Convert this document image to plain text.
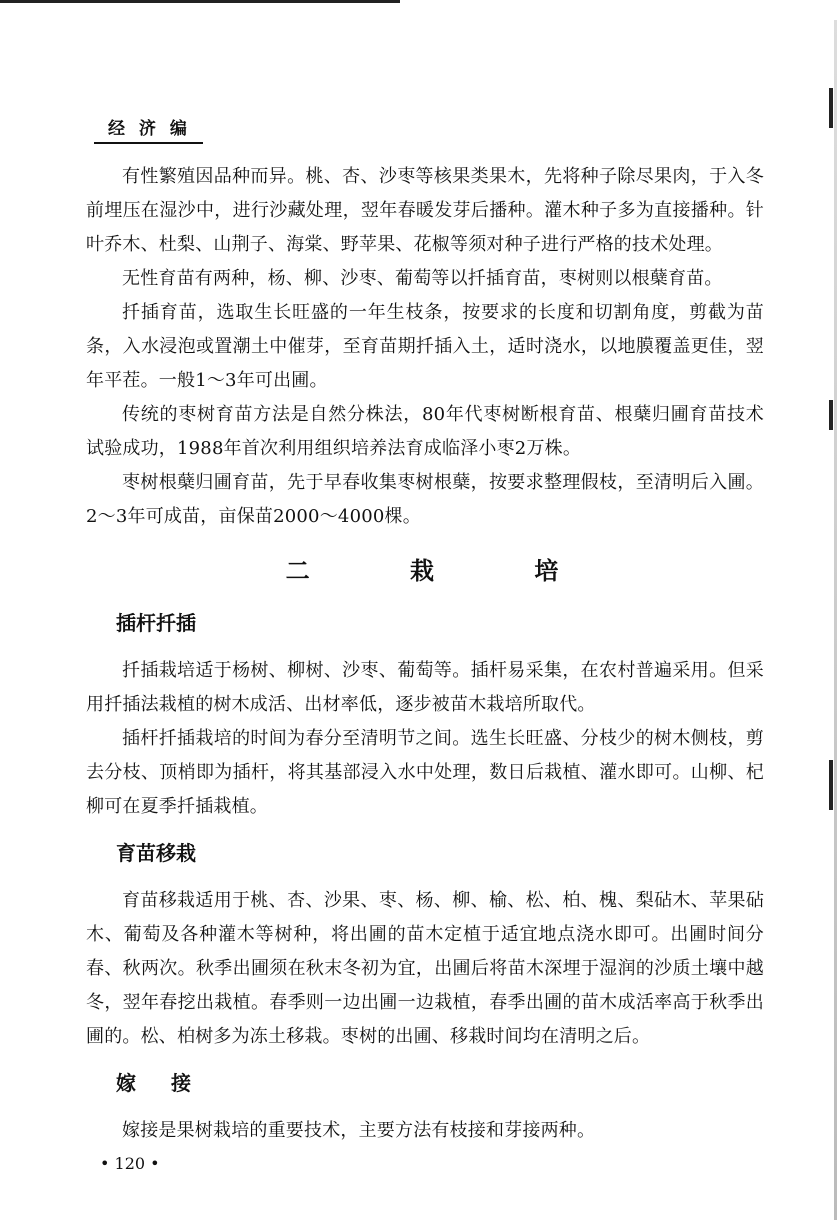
经 济 编

有性繁殖因品种而异。桃、杏、沙枣等核果类果木，先将种子除尽果肉，于入冬前埋压在湿沙中，进行沙藏处理，翌年春暖发芽后播种。灌木种子多为直接播种。针叶乔木、杜梨、山荆子、海棠、野苹果、花椒等须对种子进行严格的技术处理。

无性育苗有两种，杨、柳、沙枣、葡萄等以扦插育苗，枣树则以根蘖育苗。

扦插育苗，选取生长旺盛的一年生枝条，按要求的长度和切割角度，剪截为苗条，入水浸泡或置潮土中催芽，至育苗期扦插入土，适时浇水，以地膜覆盖更佳，翌年平茬。一般1～3年可出圃。

传统的枣树育苗方法是自然分株法，80年代枣树断根育苗、根蘖归圃育苗技术试验成功，1988年首次利用组织培养法育成临泽小枣2万株。

枣树根蘖归圃育苗，先于早春收集枣树根蘖，按要求整理假枝，至清明后入圃。2～3年可成苗，亩保苗2000～4000棵。

二 栽 培
插杆扦插

扦插栽培适于杨树、柳树、沙枣、葡萄等。插杆易采集，在农村普遍采用。但采用扦插法栽植的树木成活、出材率低，逐步被苗木栽培所取代。

插杆扦插栽培的时间为春分至清明节之间。选生长旺盛、分枝少的树木侧枝，剪去分枝、顶梢即为插杆，将其基部浸入水中处理，数日后栽植、灌水即可。山柳、杞柳可在夏季扦插栽植。

育苗移栽

育苗移栽适用于桃、杏、沙果、枣、杨、柳、榆、松、柏、槐、梨砧木、苹果砧木、葡萄及各种灌木等树种，将出圃的苗木定植于适宜地点浇水即可。出圃时间分春、秋两次。秋季出圃须在秋末冬初为宜，出圃后将苗木深埋于湿润的沙质土壤中越冬，翌年春挖出栽植。春季则一边出圃一边栽植，春季出圃的苗木成活率高于秋季出圃的。松、柏树多为冻土移栽。枣树的出圃、移栽时间均在清明之后。

嫁 接

嫁接是果树栽培的重要技术，主要方法有枝接和芽接两种。

• 120 •
